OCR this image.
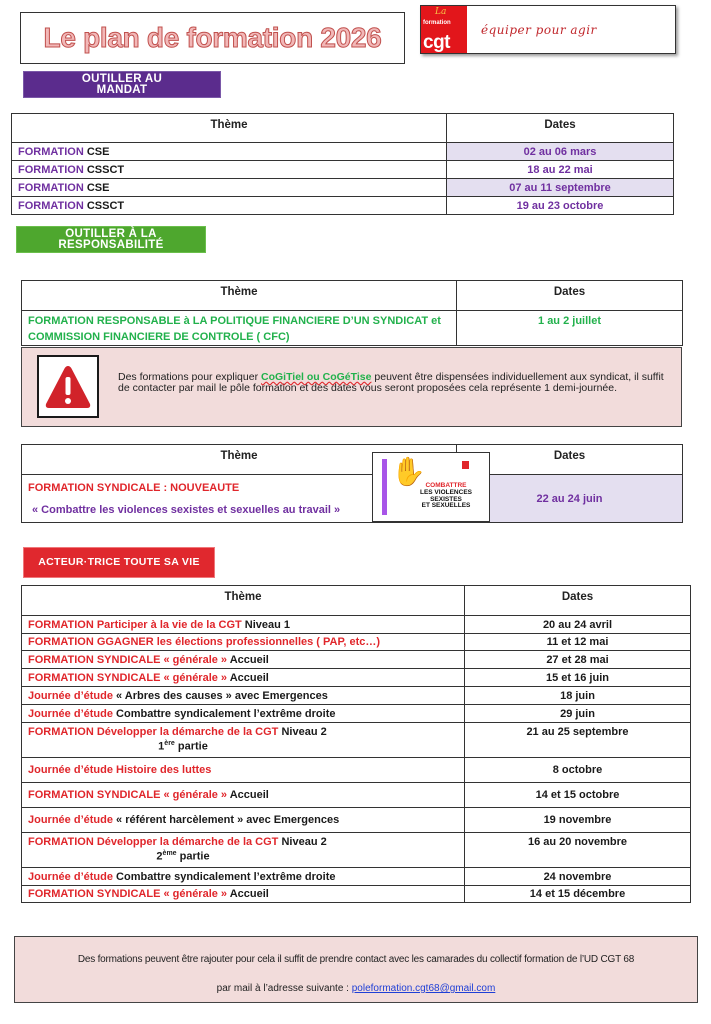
Le plan de formation 2026
La
formation
cgt
équiper pour agir
OUTILLER AU
MANDAT
Thème	Dates
FORMATION CSE	02 au 06 mars
FORMATION CSSCT	18 au 22 mai
FORMATION CSE	07 au 11 septembre
FORMATION CSSCT	19 au 23 octobre
OUTILLER À LA
RESPONSABILITÉ
Thème	Dates

FORMATION RESPONSABLE à LA POLITIQUE FINANCIERE D’UN SYNDICAT et
COMMISSION FINANCIERE DE CONTROLE ( CFC)	1 au 2 juillet
Des formations pour expliquer CoGiTiel ou CoGéTise peuvent être dispensées individuellement aux syndicat, il suffit de contacter par mail le pôle formation et des dates vous seront proposées cela représente 1 demi-journée.
Thème	Dates

FORMATION SYNDICALE : NOUVEAUTE
« Combattre les violences sexistes et sexuelles au travail »	22 au 24 juin
✋ COMBATTRE
LES VIOLENCES
SEXISTES
ET SEXUELLES
ACTEUR·TRICE TOUTE SA VIE
Thème	Dates
FORMATION Participer à la vie de la CGT Niveau 1	20 au 24 avril
FORMATION GGAGNER les élections professionnelles ( PAP, etc…)	11 et 12 mai
FORMATION SYNDICALE « générale » Accueil	27 et 28 mai
FORMATION SYNDICALE « générale » Accueil	15 et 16 juin
Journée d’étude « Arbres des causes » avec Emergences	18 juin
Journée d’étude Combattre syndicalement l’extrême droite	29 juin
FORMATION Développer la démarche de la CGT Niveau 2
1ère partie	21 au 25 septembre
Journée d’étude Histoire des luttes	8 octobre
FORMATION SYNDICALE « générale » Accueil	14 et 15 octobre
Journée d’étude « référent harcèlement » avec Emergences	19 novembre
FORMATION Développer la démarche de la CGT Niveau 2
2ème partie	16 au 20 novembre
Journée d’étude Combattre syndicalement l’extrême droite	24 novembre
FORMATION SYNDICALE « générale » Accueil	14 et 15 décembre
Des formations peuvent être rajouter pour cela il suffit de prendre contact avec les camarades du collectif formation de l’UD CGT 68
par mail à l’adresse suivante : poleformation.cgt68@gmail.com
